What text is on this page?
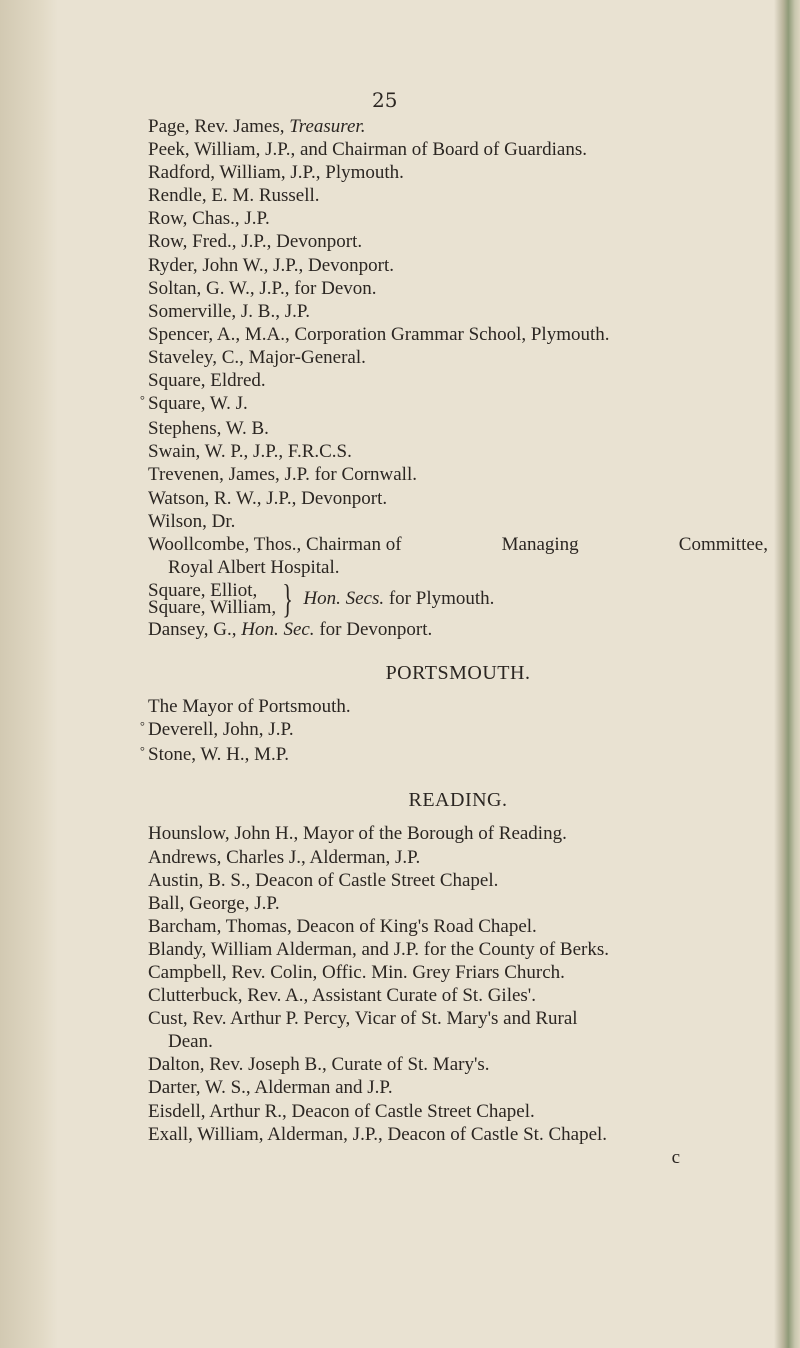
25
Page, Rev. James, Treasurer.
Peek, William, J.P., and Chairman of Board of Guardians.
Radford, William, J.P., Plymouth.
Rendle, E. M. Russell.
Row, Chas., J.P.
Row, Fred., J.P., Devonport.
Ryder, John W., J.P., Devonport.
Soltan, G. W., J.P., for Devon.
Somerville, J. B., J.P.
Spencer, A., M.A., Corporation Grammar School, Plymouth.
Staveley, C., Major-General.
Square, Eldred.
° Square, W. J.
Stephens, W. B.
Swain, W. P., J.P., F.R.C.S.
Trevenen, James, J.P. for Cornwall.
Watson, R. W., J.P., Devonport.
Wilson, Dr.
Woollcombe, Thos., Chairman of	Managing	Committee,
Royal Albert Hospital.
Square, Elliot,
Square, William, } Hon. Secs. for Plymouth.
Dansey, G., Hon. Sec. for Devonport.
PORTSMOUTH.
The Mayor of Portsmouth.
° Deverell, John, J.P.
° Stone, W. H., M.P.
READING.
Hounslow, John H., Mayor of the Borough of Reading.
Andrews, Charles J., Alderman, J.P.
Austin, B. S., Deacon of Castle Street Chapel.
Ball, George, J.P.
Barcham, Thomas, Deacon of King's Road Chapel.
Blandy, William Alderman, and J.P. for the County of Berks.
Campbell, Rev. Colin, Offic. Min. Grey Friars Church.
Clutterbuck, Rev. A., Assistant Curate of St. Giles'.
Cust, Rev. Arthur P. Percy, Vicar of St. Mary's and Rural
Dean.
Dalton, Rev. Joseph B., Curate of St. Mary's.
Darter, W. S., Alderman and J.P.
Eisdell, Arthur R., Deacon of Castle Street Chapel.
Exall, William, Alderman, J.P., Deacon of Castle St. Chapel.
c
